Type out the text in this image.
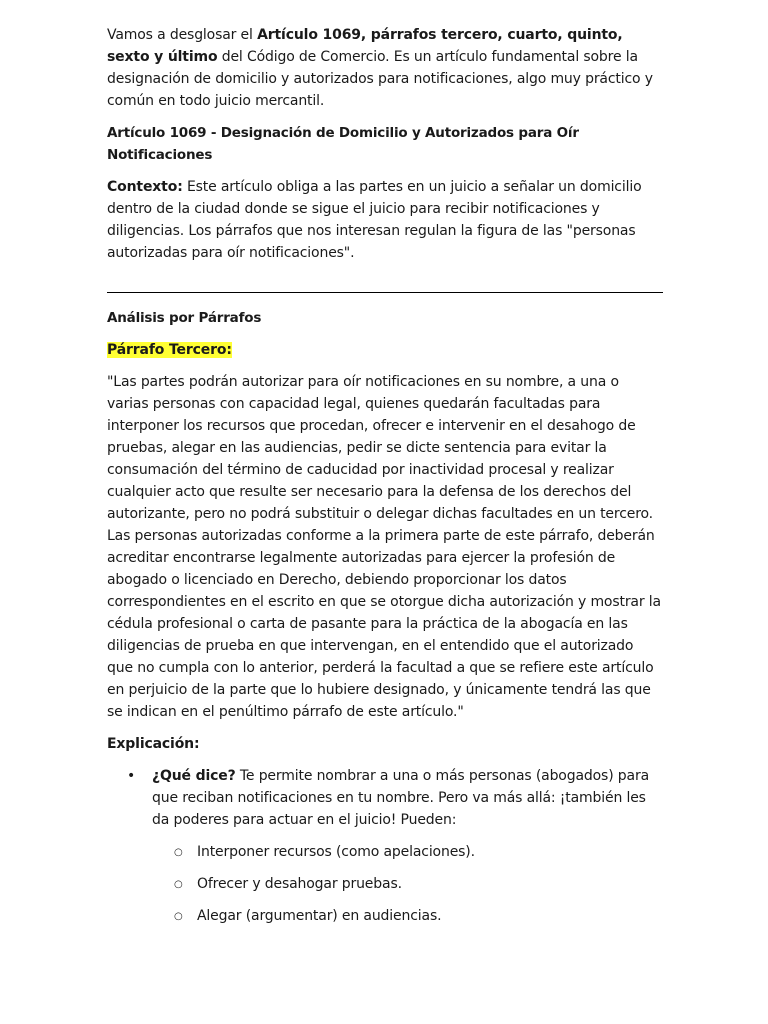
Vamos a desglosar el Artículo 1069, párrafos tercero, cuarto, quinto, sexto y último del Código de Comercio. Es un artículo fundamental sobre la designación de domicilio y autorizados para notificaciones, algo muy práctico y común en todo juicio mercantil.

Artículo 1069 - Designación de Domicilio y Autorizados para Oír Notificaciones

Contexto: Este artículo obliga a las partes en un juicio a señalar un domicilio dentro de la ciudad donde se sigue el juicio para recibir notificaciones y diligencias. Los párrafos que nos interesan regulan la figura de las "personas autorizadas para oír notificaciones".

Análisis por Párrafos

Párrafo Tercero:

"Las partes podrán autorizar para oír notificaciones en su nombre, a una o varias personas con capacidad legal, quienes quedarán facultadas para interponer los recursos que procedan, ofrecer e intervenir en el desahogo de pruebas, alegar en las audiencias, pedir se dicte sentencia para evitar la consumación del término de caducidad por inactividad procesal y realizar cualquier acto que resulte ser necesario para la defensa de los derechos del autorizante, pero no podrá substituir o delegar dichas facultades en un tercero. Las personas autorizadas conforme a la primera parte de este párrafo, deberán acreditar encontrarse legalmente autorizadas para ejercer la profesión de abogado o licenciado en Derecho, debiendo proporcionar los datos correspondientes en el escrito en que se otorgue dicha autorización y mostrar la cédula profesional o carta de pasante para la práctica de la abogacía en las diligencias de prueba en que intervengan, en el entendido que el autorizado que no cumpla con lo anterior, perderá la facultad a que se refiere este artículo en perjuicio de la parte que lo hubiere designado, y únicamente tendrá las que se indican en el penúltimo párrafo de este artículo."

Explicación:

• ¿Qué dice? Te permite nombrar a una o más personas (abogados) para que reciban notificaciones en tu nombre. Pero va más allá: ¡también les da poderes para actuar en el juicio! Pueden:
○ Interponer recursos (como apelaciones).
○ Ofrecer y desahogar pruebas.
○ Alegar (argumentar) en audiencias.
